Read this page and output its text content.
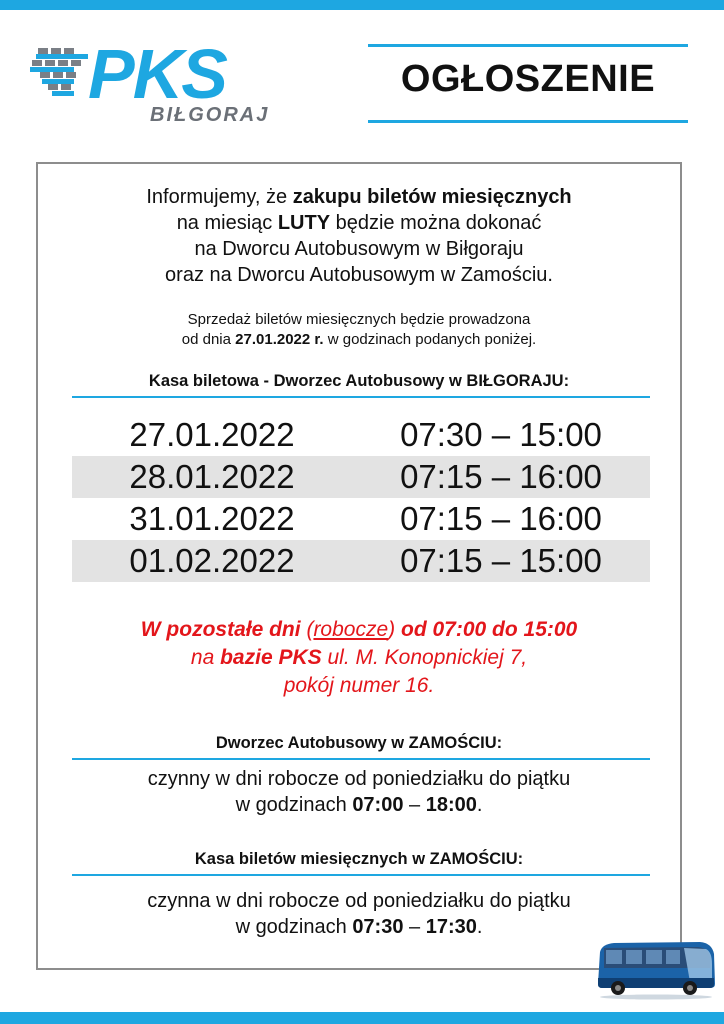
PKS
BIŁGORAJ
OGŁOSZENIE
Informujemy, że zakupu biletów miesięcznych
na miesiąc LUTY będzie można dokonać
na Dworcu Autobusowym w Biłgoraju
oraz na Dworcu Autobusowym w Zamościu.
Sprzedaż biletów miesięcznych będzie prowadzona
od dnia 27.01.2022 r. w godzinach podanych poniżej.
Kasa biletowa - Dworzec Autobusowy w BIŁGORAJU:
27.01.2022	07:30 – 15:00
28.01.2022	07:15 – 16:00
31.01.2022	07:15 – 16:00
01.02.2022	07:15 – 15:00
W pozostałe dni (robocze) od 07:00 do 15:00
na bazie PKS ul. M. Konopnickiej 7,
pokój numer 16.
Dworzec Autobusowy w ZAMOŚCIU:
czynny w dni robocze od poniedziałku do piątku
w godzinach 07:00 – 18:00.
Kasa biletów miesięcznych w ZAMOŚCIU:
czynna w dni robocze od poniedziałku do piątku
w godzinach 07:30 – 17:30.
